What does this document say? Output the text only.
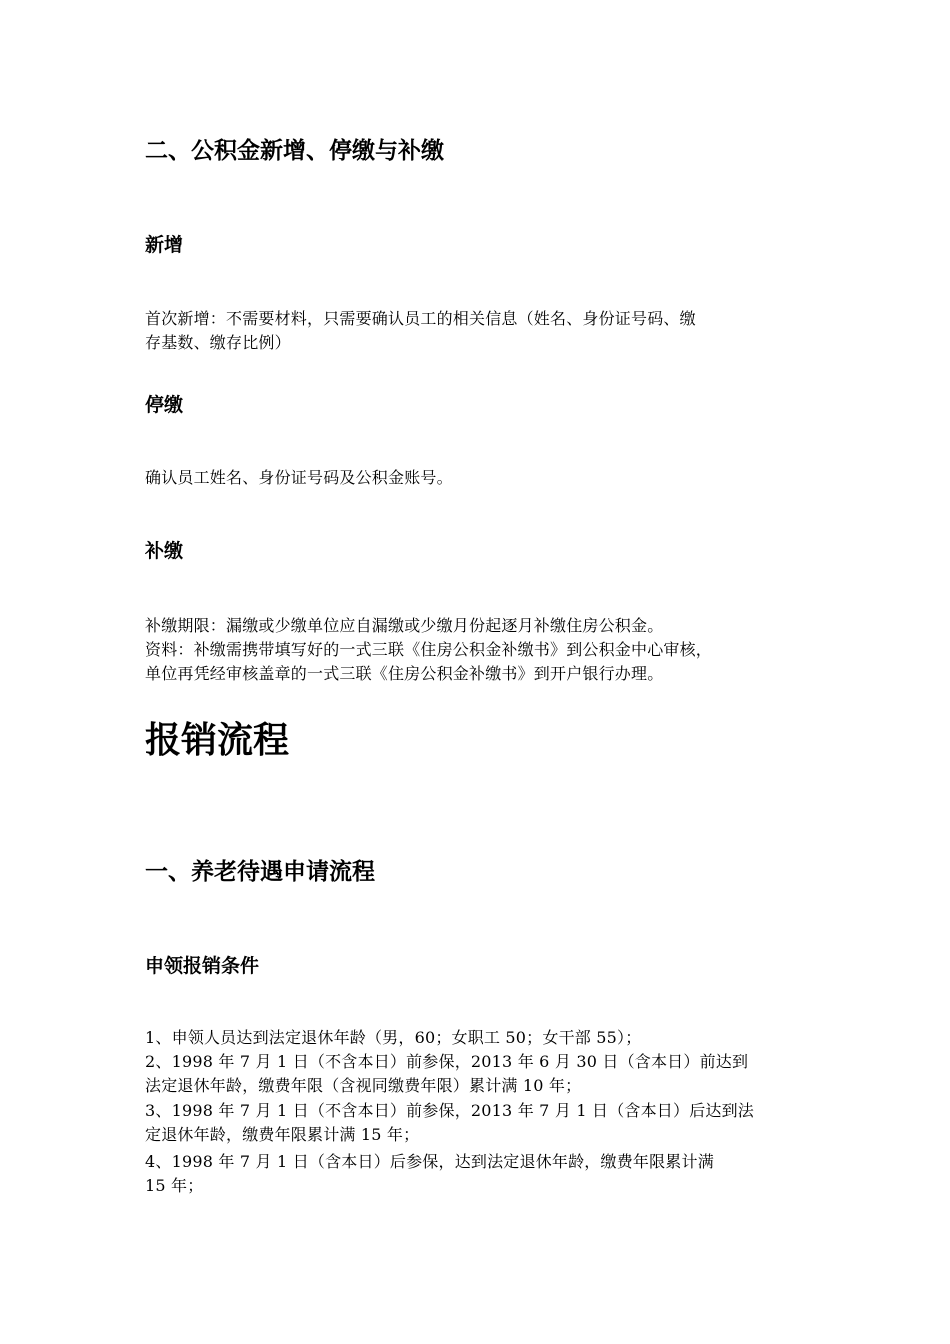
二、公积金新增、停缴与补缴
新增
首次新增：不需要材料，只需要确认员工的相关信息（姓名、身份证号码、缴
存基数、缴存比例）
停缴
确认员工姓名、身份证号码及公积金账号。
补缴
补缴期限：漏缴或少缴单位应自漏缴或少缴月份起逐月补缴住房公积金。
资料：补缴需携带填写好的一式三联《住房公积金补缴书》到公积金中心审核，
单位再凭经审核盖章的一式三联《住房公积金补缴书》到开户银行办理。
报销流程
一、养老待遇申请流程
申领报销条件
1、申领人员达到法定退休年龄（男，60；女职工 50；女干部 55）；
2、1998 年 7 月 1 日（不含本日）前参保，2013 年 6 月 30 日（含本日）前达到
法定退休年龄，缴费年限（含视同缴费年限）累计满 10 年；
3、1998 年 7 月 1 日（不含本日）前参保，2013 年 7 月 1 日（含本日）后达到法
定退休年龄，缴费年限累计满 15 年；
4、1998 年 7 月 1 日（含本日）后参保，达到法定退休年龄，缴费年限累计满
15 年；
